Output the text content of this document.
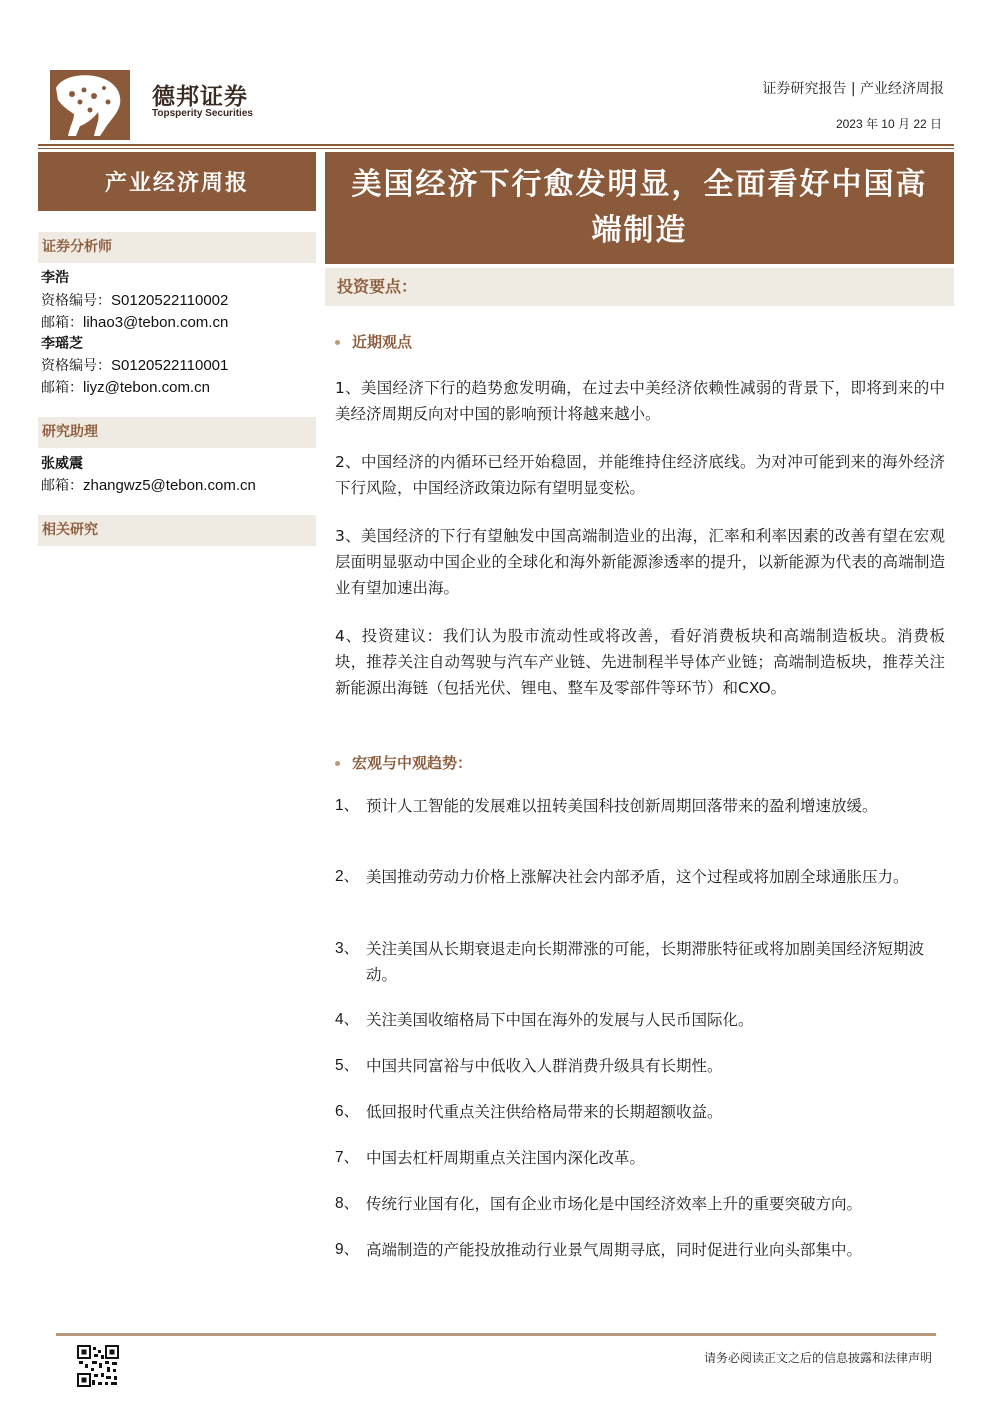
德邦证券
Topsperity Securities
证券研究报告 | 产业经济周报
2023 年 10 月 22 日
产业经济周报	美国经济下行愈发明显，全面看好中国高端制造
证券分析师
李浩
资格编号：S0120522110002
邮箱：lihao3@tebon.com.cn
李瑶芝
资格编号：S0120522110001
邮箱：liyz@tebon.com.cn
研究助理
张威震
邮箱：zhangwz5@tebon.com.cn
相关研究
投资要点：
近期观点
1、美国经济下行的趋势愈发明确，在过去中美经济依赖性减弱的背景下，即将到来的中美经济周期反向对中国的影响预计将越来越小。
2、中国经济的内循环已经开始稳固，并能维持住经济底线。为对冲可能到来的海外经济下行风险，中国经济政策边际有望明显变松。
3、美国经济的下行有望触发中国高端制造业的出海，汇率和利率因素的改善有望在宏观层面明显驱动中国企业的全球化和海外新能源渗透率的提升，以新能源为代表的高端制造业有望加速出海。
4、投资建议：我们认为股市流动性或将改善，看好消费板块和高端制造板块。消费板块，推荐关注自动驾驶与汽车产业链、先进制程半导体产业链；高端制造板块，推荐关注新能源出海链（包括光伏、锂电、整车及零部件等环节）和CXO。
宏观与中观趋势：
1、 预计人工智能的发展难以扭转美国科技创新周期回落带来的盈利增速放缓。
2、 美国推动劳动力价格上涨解决社会内部矛盾，这个过程或将加剧全球通胀压力。
3、 关注美国从长期衰退走向长期滞涨的可能，长期滞胀特征或将加剧美国经济短期波动。
4、 关注美国收缩格局下中国在海外的发展与人民币国际化。
5、 中国共同富裕与中低收入人群消费升级具有长期性。
6、 低回报时代重点关注供给格局带来的长期超额收益。
7、 中国去杠杆周期重点关注国内深化改革。
8、 传统行业国有化，国有企业市场化是中国经济效率上升的重要突破方向。
9、 高端制造的产能投放推动行业景气周期寻底，同时促进行业向头部集中。
请务必阅读正文之后的信息披露和法律声明
